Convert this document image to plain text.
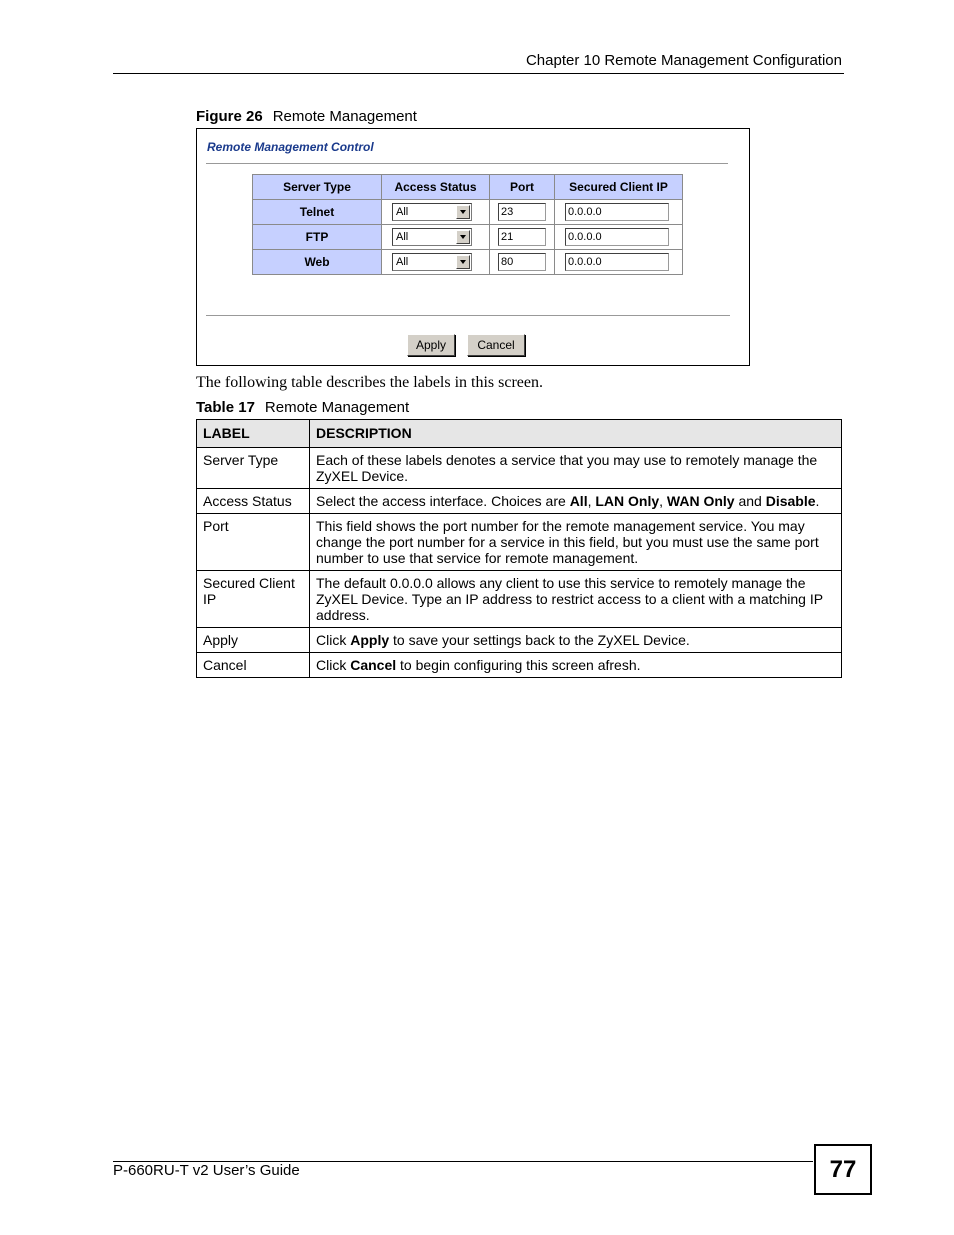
Chapter 10 Remote Management Configuration
Figure 26 Remote Management
Remote Management Control
Server Type	Access Status	Port	Secured Client IP
Telnet	All	23	0.0.0.0
FTP	All	21	0.0.0.0
Web	All	80	0.0.0.0
Apply	Cancel
The following table describes the labels in this screen.
Table 17 Remote Management
LABEL	DESCRIPTION
Server Type	Each of these labels denotes a service that you may use to remotely manage the ZyXEL Device.
Access Status	Select the access interface. Choices are All, LAN Only, WAN Only and Disable.
Port	This field shows the port number for the remote management service. You may change the port number for a service in this field, but you must use the same port number to use that service for remote management.
Secured Client IP	The default 0.0.0.0 allows any client to use this service to remotely manage the ZyXEL Device. Type an IP address to restrict access to a client with a matching IP address.
Apply	Click Apply to save your settings back to the ZyXEL Device.
Cancel	Click Cancel to begin configuring this screen afresh.
P-660RU-T v2 User’s Guide	77
